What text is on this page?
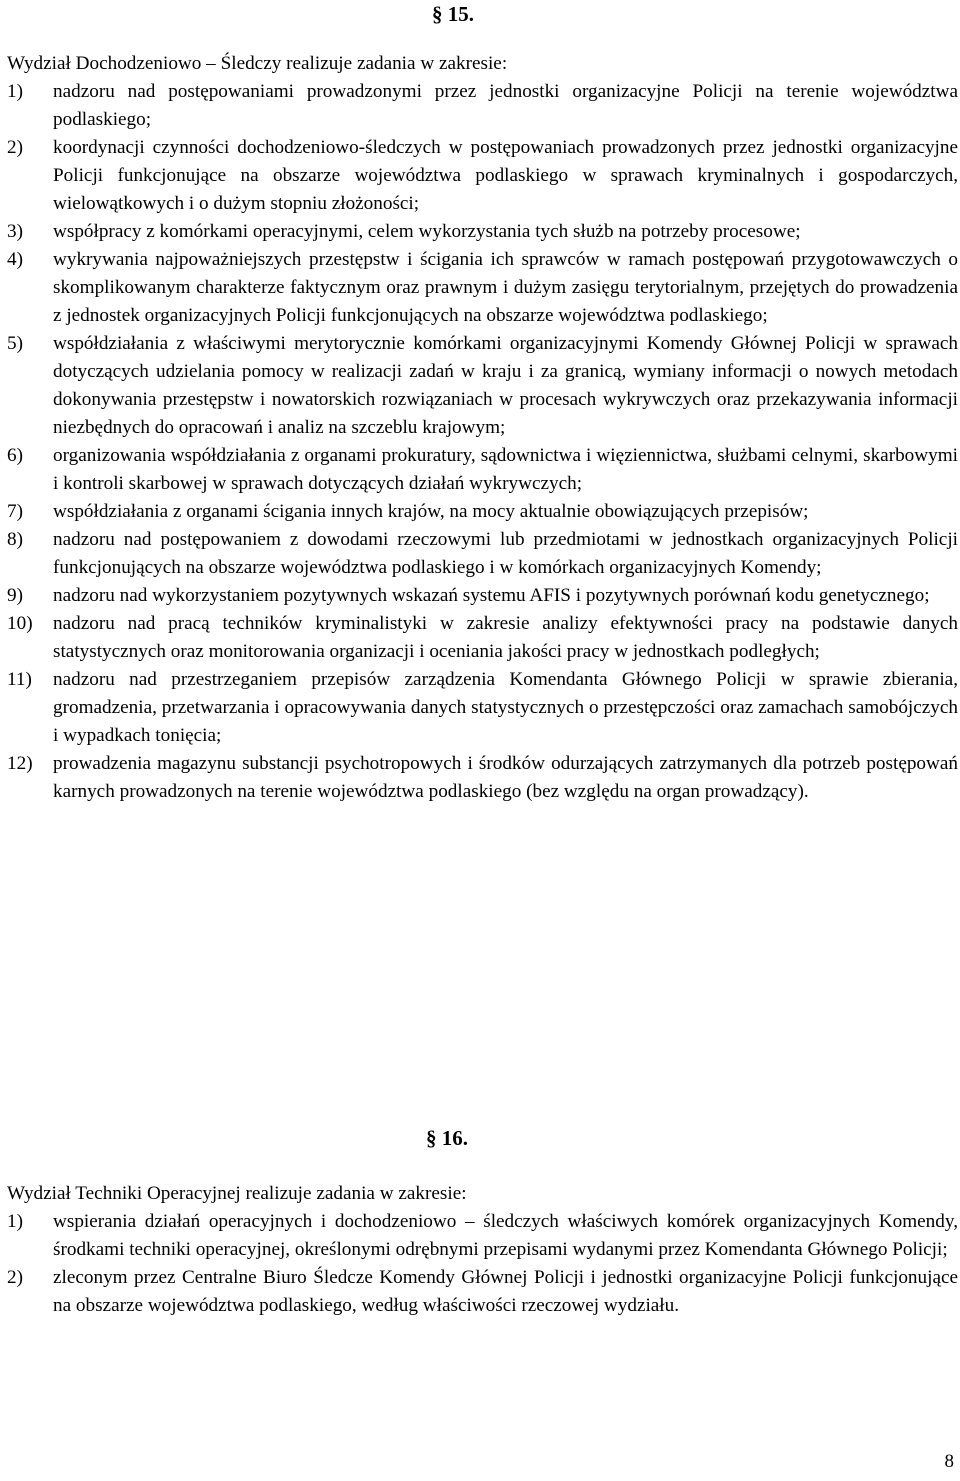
§ 15.

Wydział Dochodzeniowo – Śledczy realizuje zadania w zakresie:

1)	nadzoru nad postępowaniami prowadzonymi przez jednostki organizacyjne Policji na terenie województwa podlaskiego;
2)	koordynacji czynności dochodzeniowo-śledczych w postępowaniach prowadzonych przez jednostki organizacyjne Policji funkcjonujące na obszarze województwa podlaskiego w sprawach kryminalnych i gospodarczych, wielowątkowych i o dużym stopniu złożoności;
3)	współpracy z komórkami operacyjnymi, celem wykorzystania tych służb na potrzeby procesowe;
4)	wykrywania najpoważniejszych przestępstw i ścigania ich sprawców w ramach postępowań przygotowawczych o skomplikowanym charakterze faktycznym oraz prawnym i dużym zasięgu terytorialnym, przejętych do prowadzenia z jednostek organizacyjnych Policji funkcjonujących na obszarze województwa podlaskiego;
5)	współdziałania z właściwymi merytorycznie komórkami organizacyjnymi Komendy Głównej Policji w sprawach dotyczących udzielania pomocy w realizacji zadań w kraju i za granicą, wymiany informacji o nowych metodach dokonywania przestępstw i nowatorskich rozwiązaniach w procesach wykrywczych oraz przekazywania informacji niezbędnych do opracowań i analiz na szczeblu krajowym;
6)	organizowania współdziałania z organami prokuratury, sądownictwa i więziennictwa, służbami celnymi, skarbowymi i kontroli skarbowej w sprawach dotyczących działań wykrywczych;
7)	współdziałania z organami ścigania innych krajów, na mocy aktualnie obowiązujących przepisów;
8)	nadzoru nad postępowaniem z dowodami rzeczowymi lub przedmiotami w jednostkach organizacyjnych Policji funkcjonujących na obszarze województwa podlaskiego i w komórkach organizacyjnych Komendy;
9)	nadzoru nad wykorzystaniem pozytywnych wskazań systemu AFIS i pozytywnych porównań kodu genetycznego;
10)	nadzoru nad pracą techników kryminalistyki w zakresie analizy efektywności pracy na podstawie danych statystycznych oraz monitorowania organizacji i oceniania jakości pracy w jednostkach podległych;
11)	nadzoru nad przestrzeganiem przepisów zarządzenia Komendanta Głównego Policji w sprawie zbierania, gromadzenia, przetwarzania i opracowywania danych statystycznych o przestępczości oraz zamachach samobójczych i wypadkach tonięcia;
12)	prowadzenia magazynu substancji psychotropowych i środków odurzających zatrzymanych dla potrzeb postępowań karnych prowadzonych na terenie województwa podlaskiego (bez względu na organ prowadzący).
§ 16.

Wydział Techniki Operacyjnej realizuje zadania w zakresie:

1)	wspierania działań operacyjnych i dochodzeniowo – śledczych właściwych komórek organizacyjnych Komendy, środkami techniki operacyjnej, określonymi odrębnymi przepisami wydanymi przez Komendanta Głównego Policji;
2)	zleconym przez Centralne Biuro Śledcze Komendy Głównej Policji i jednostki organizacyjne Policji funkcjonujące na obszarze województwa podlaskiego, według właściwości rzeczowej wydziału.
8
